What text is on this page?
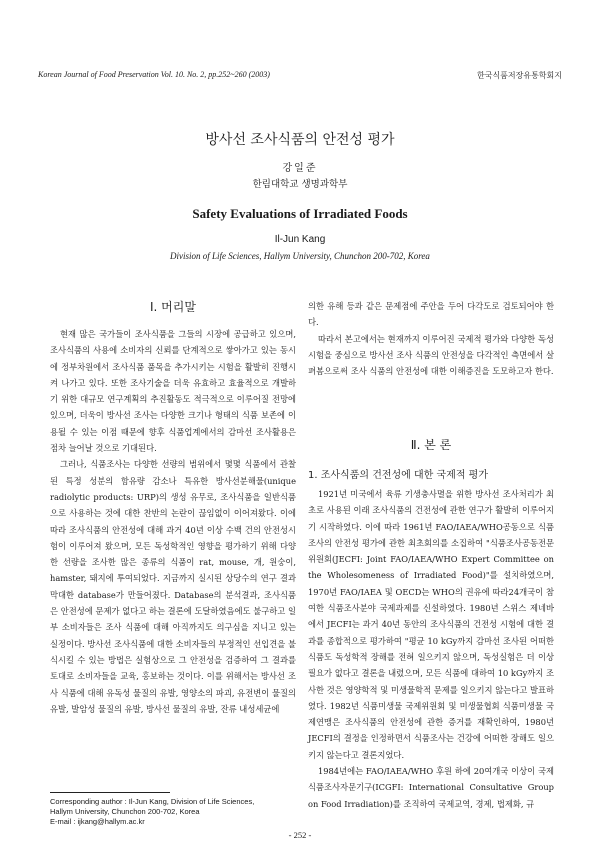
Korean Journal of Food Preservation Vol. 10. No. 2, pp.252~260 (2003)	한국식품저장유통학회지
방사선 조사식품의 안전성 평가
강일준
한림대학교 생명과학부
Safety Evaluations of Irradiated Foods
Il-Jun Kang
Division of Life Sciences, Hallym University, Chunchon 200-702, Korea
Ⅰ. 머리말

현재 많은 국가들이 조사식품을 그들의 시장에 공급하고 있으며, 조사식품의 사용에 소비자의 신뢰를 단계적으로 쌓아가고 있는 동시에 정부차원에서 조사식품 품목을 추가시키는 시험을 활발히 진행시켜 나가고 있다. 또한 조사기술을 더욱 유효하고 효율적으로 개발하기 위한 대규모 연구계획의 추진활동도 적극적으로 이루어질 전망에 있으며, 더욱이 방사선 조사는 다양한 크기나 형태의 식품 보존에 이용될 수 있는 이점 때문에 향후 식품업계에서의 감마선 조사활용은 점차 늘어날 것으로 기대된다.

그러나, 식품조사는 다양한 선량의 범위에서 몇몇 식품에서 관찰된 특정 성분의 함유량 감소나 특유한 방사선분해물(unique radiolytic products: URP)의 생성 유무로, 조사식품을 일반식품으로 사용하는 것에 대한 찬반의 논란이 끊임없이 이어져왔다. 이에 따라 조사식품의 안전성에 대해 과거 40년 이상 수백 건의 안전성시험이 이루어져 왔으며, 모든 독성학적인 영향을 평가하기 위해 다양한 선량을 조사한 많은 종류의 식품이 rat, mouse, 개, 원숭이, hamster, 돼지에 투여되었다. 지금까지 실시된 상당수의 연구 결과 막대한 database가 만들어졌다. Database의 분석결과, 조사식품은 안전성에 문제가 없다고 하는 결론에 도달하였음에도 불구하고 일부 소비자들은 조사 식품에 대해 아직까지도 의구심을 지니고 있는 실정이다. 방사선 조사식품에 대한 소비자들의 부정적인 선입견을 불식시킬 수 있는 방법은 실험상으로 그 안전성을 검증하여 그 결과를 토대로 소비자들을 교육, 홍보하는 것이다. 이를 위해서는 방사선 조사 식품에 대해 유독성 물질의 유발, 영양소의 파괴, 유전변이 물질의 유발, 발암성 물질의 유발, 방사선 물질의 유발, 잔류 내성세균에

의한 유해 등과 같은 문제점에 주안을 두어 다각도로 검토되어야 한다.

따라서 본고에서는 현재까지 이루어진 국제적 평가와 다양한 독성시험을 중심으로 방사선 조사 식품의 안전성을 다각적인 측면에서 살펴봄으로써 조사 식품의 안전성에 대한 이해증진을 도모하고자 한다.

Ⅱ. 본 론
1. 조사식품의 건전성에 대한 국제적 평가

1921년 미국에서 육류 기생충사멸을 위한 방사선 조사처리가 최초로 사용된 이래 조사식품의 건전성에 관한 연구가 활발히 이루어지기 시작하였다. 이에 따라 1961년 FAO/IAEA/WHO공동으로 식품조사의 안전성 평가에 관한 최초회의를 소집하여 "식품조사공동전문위원회(JECFI: Joint FAO/IAEA/WHO Expert Committee on the Wholesomeness of Irradiated Food)"를 설치하였으며, 1970년 FAO/IAEA 및 OECD는 WHO의 권유에 따라24개국이 참여한 식품조사분야 국제과제를 신설하였다. 1980년 스위스 제네바에서 JECFI는 과거 40년 동안의 조사식품의 건전성 시험에 대한 결과를 종합적으로 평가하여 "평균 10 kGy까지 감마선 조사된 어떠한 식품도 독성학적 장해를 전혀 일으키지 않으며, 독성실험은 더 이상 필요가 없다고 결론을 내렸으며, 모든 식품에 대하여 10 kGy까지 조사한 것은 영양학적 및 미생물학적 문제를 일으키지 않는다고 발표하였다. 1982년 식품미생물 국제위원회 및 미생물협회 식품미생물 국제연맹은 조사식품의 안전성에 관한 증거를 재확인하여, 1980년 JECFI의 결정을 인정하면서 식품조사는 건강에 어떠한 장해도 일으키지 않는다고 결론지었다.

1984년에는 FAO/IAEA/WHO 후원 하에 20여개국 이상이 국제식품조사자문기구(ICGFI: International Consultative Group on Food Irradiation)를 조직하여 국제교역, 경제, 법제화, 규

Corresponding author : Il-Jun Kang, Division of Life Sciences,
Hallym University, Chunchon 200-702, Korea
E-mail : ijkang@hallym.ac.kr
- 252 -
